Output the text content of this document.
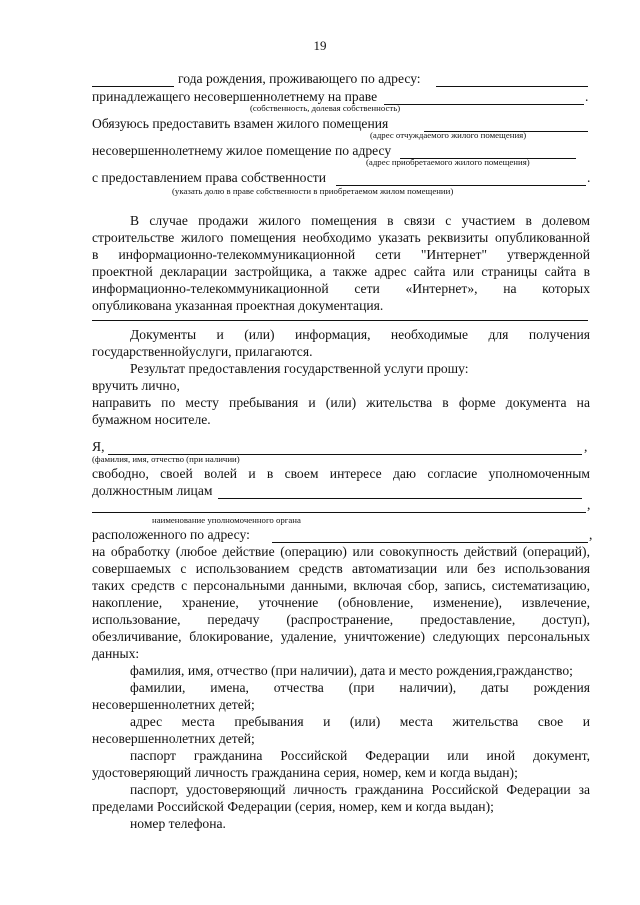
19
года рождения, проживающего по адресу:
принадлежащего несовершеннолетнему на праве	.
(собственность, долевая собственность)
Обязуюсь предоставить взамен жилого помещения
(адрес отчуждаемого жилого помещения)
несовершеннолетнему жилое помещение по адресу
(адрес приобретаемого жилого помещения)
с предоставлением права собственности	.
(указать долю в праве собственности в приобретаемом жилом помещении)
В случае продажи жилого помещения в связи с участием в долевом
строительстве жилого помещения необходимо указать реквизиты опубликованной
в информационно-телекоммуникационной сети "Интернет" утвержденной
проектной декларации застройщика, а также адрес сайта или страницы сайта в
информационно-телекоммуникационной сети «Интернет», на которых
опубликована указанная проектная документация.
Документы и (или) информация, необходимые для получения
государственнойуслуги, прилагаются.
Результат предоставления государственной услуги прошу:
вручить лично,
направить по месту пребывания и (или) жительства в форме документа на
бумажном носителе.
Я,	,
(фамилия, имя, отчество (при наличии)
свободно, своей волей и в своем интересе даю согласие уполномоченным
должностным лицам
,
наименование уполномоченного органа
расположенного по адресу:	,
на обработку (любое действие (операцию) или совокупность действий (операций),
совершаемых с использованием средств автоматизации или без использования
таких средств с персональными данными, включая сбор, запись, систематизацию,
накопление, хранение, уточнение (обновление, изменение), извлечение,
использование, передачу (распространение, предоставление, доступ),
обезличивание, блокирование, удаление, уничтожение) следующих персональных
данных:
фамилия, имя, отчество (при наличии), дата и место рождения,гражданство;
фамилии, имена, отчества (при наличии), даты рождения
несовершеннолетних детей;
адрес места пребывания и (или) места жительства свое и
несовершеннолетних детей;
паспорт гражданина Российской Федерации или иной документ,
удостоверяющий личность гражданина серия, номер, кем и когда выдан);
паспорт, удостоверяющий личность гражданина Российской Федерации за
пределами Российской Федерации (серия, номер, кем и когда выдан);
номер телефона.
